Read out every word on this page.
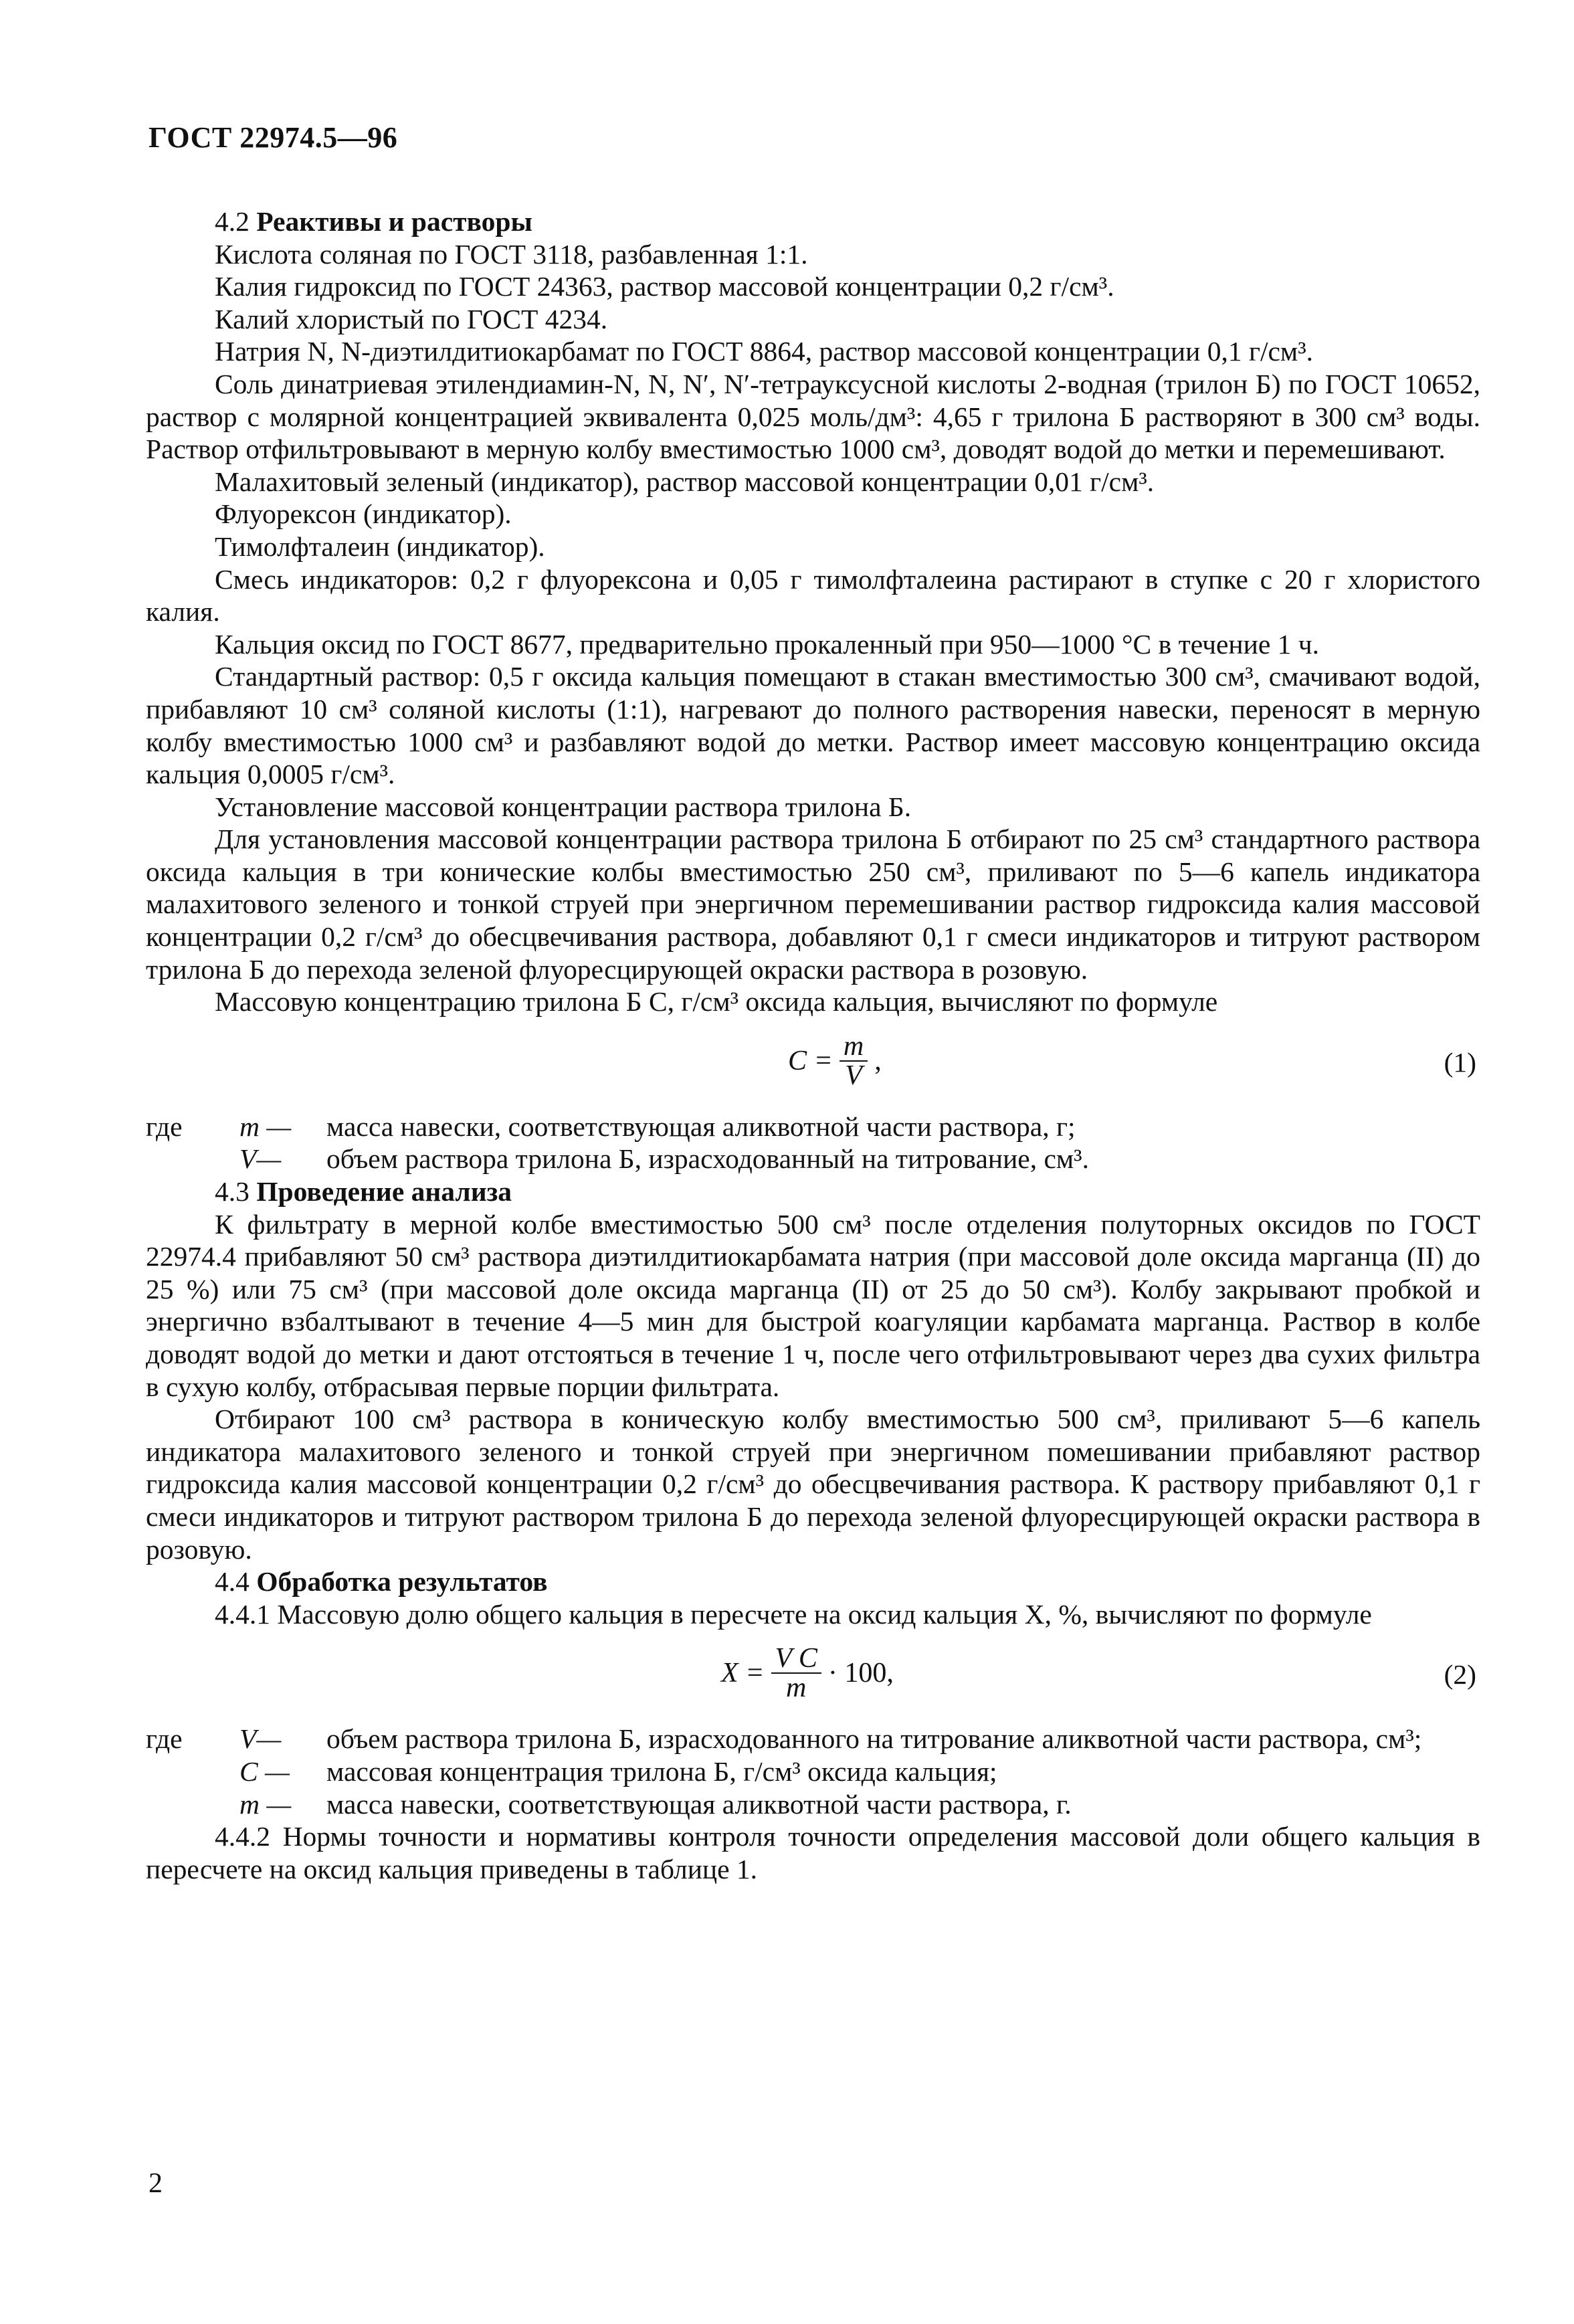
ГОСТ 22974.5—96

4.2 Реактивы и растворы

Кислота соляная по ГОСТ 3118, разбавленная 1:1.

Калия гидроксид по ГОСТ 24363, раствор массовой концентрации 0,2 г/см³.

Калий хлористый по ГОСТ 4234.

Натрия N, N-диэтилдитиокарбамат по ГОСТ 8864, раствор массовой концентрации 0,1 г/см³.

Соль динатриевая этилендиамин-N, N, N′, N′-тетрауксусной кислоты 2-водная (трилон Б) по ГОСТ 10652, раствор с молярной концентрацией эквивалента 0,025 моль/дм³: 4,65 г трилона Б растворяют в 300 см³ воды. Раствор отфильтровывают в мерную колбу вместимостью 1000 см³, доводят водой до метки и перемешивают.

Малахитовый зеленый (индикатор), раствор массовой концентрации 0,01 г/см³.

Флуорексон (индикатор).

Тимолфталеин (индикатор).

Смесь индикаторов: 0,2 г флуорексона и 0,05 г тимолфталеина растирают в ступке с 20 г хлористого калия.

Кальция оксид по ГОСТ 8677, предварительно прокаленный при 950—1000 °С в течение 1 ч.

Стандартный раствор: 0,5 г оксида кальция помещают в стакан вместимостью 300 см³, смачивают водой, прибавляют 10 см³ соляной кислоты (1:1), нагревают до полного растворения навески, переносят в мерную колбу вместимостью 1000 см³ и разбавляют водой до метки. Раствор имеет массовую концентрацию оксида кальция 0,0005 г/см³.

Установление массовой концентрации раствора трилона Б.

Для установления массовой концентрации раствора трилона Б отбирают по 25 см³ стандартного раствора оксида кальция в три конические колбы вместимостью 250 см³, приливают по 5—6 капель индикатора малахитового зеленого и тонкой струей при энергичном перемешивании раствор гидроксида калия массовой концентрации 0,2 г/см³ до обесцвечивания раствора, добавляют 0,1 г смеси индикаторов и титруют раствором трилона Б до перехода зеленой флуоресцирующей окраски раствора в розовую.

Массовую концентрацию трилона Б С, г/см³ оксида кальция, вычисляют по формуле

$С = \frac{m}{V}$ ,	(1)
где	m —	масса навески, соответствующая аликвотной части раствора, г;
V—	объем раствора трилона Б, израсходованный на титрование, см³.

4.3 Проведение анализа

К фильтрату в мерной колбе вместимостью 500 см³ после отделения полуторных оксидов по ГОСТ 22974.4 прибавляют 50 см³ раствора диэтилдитиокарбамата натрия (при массовой доле оксида марганца (II) до 25 %) или 75 см³ (при массовой доле оксида марганца (II) от 25 до 50 см³). Колбу закрывают пробкой и энергично взбалтывают в течение 4—5 мин для быстрой коагуляции карбамата марганца. Раствор в колбе доводят водой до метки и дают отстояться в течение 1 ч, после чего отфильтровывают через два сухих фильтра в сухую колбу, отбрасывая первые порции фильтрата.

Отбирают 100 см³ раствора в коническую колбу вместимостью 500 см³, приливают 5—6 капель индикатора малахитового зеленого и тонкой струей при энергичном помешивании прибавляют раствор гидроксида калия массовой концентрации 0,2 г/см³ до обесцвечивания раствора. К раствору прибавляют 0,1 г смеси индикаторов и титруют раствором трилона Б до перехода зеленой флуоресцирующей окраски раствора в розовую.

4.4 Обработка результатов

4.4.1 Массовую долю общего кальция в пересчете на оксид кальция X, %, вычисляют по формуле

$X = \frac{\text{V C}}{m} \cdot 100$,	(2)
где	V—	объем раствора трилона Б, израсходованного на титрование аликвотной части раствора, см³;
С —	массовая концентрация трилона Б, г/см³ оксида кальция;
m —	масса навески, соответствующая аликвотной части раствора, г.

4.4.2 Нормы точности и нормативы контроля точности определения массовой доли общего кальция в пересчете на оксид кальция приведены в таблице 1.

2
